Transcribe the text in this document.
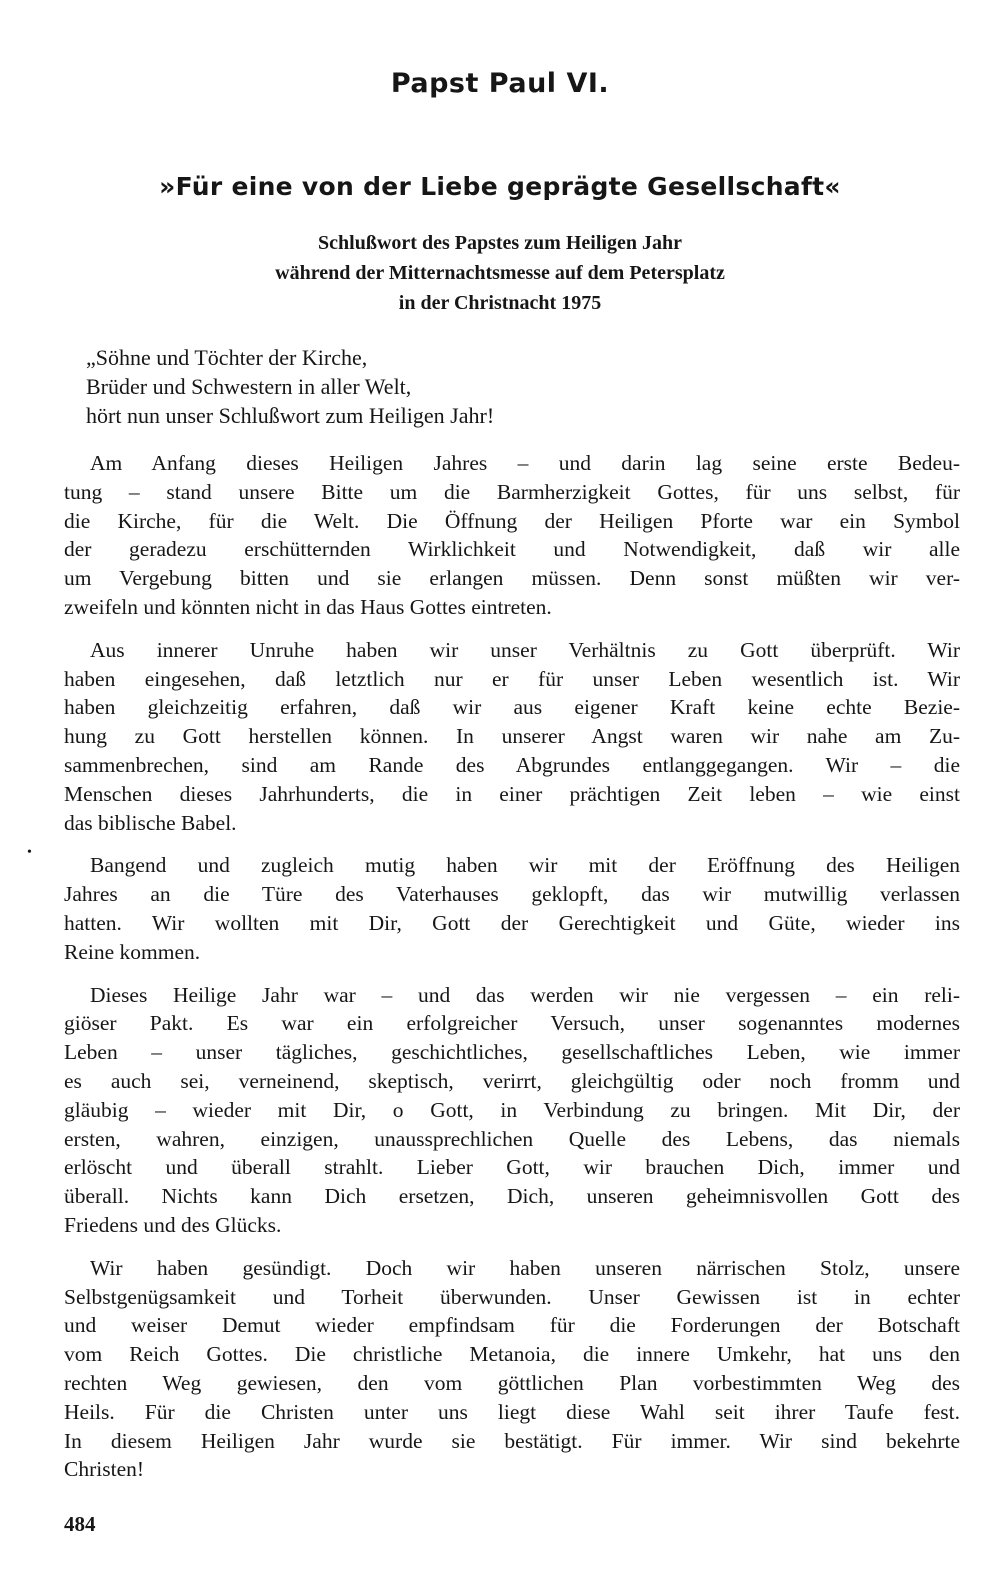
Papst Paul VI.
»Für eine von der Liebe geprägte Gesellschaft«
Schlußwort des Papstes zum Heiligen Jahr
während der Mitternachtsmesse auf dem Petersplatz
in der Christnacht 1975
„Söhne und Töchter der Kirche,
Brüder und Schwestern in aller Welt,
hört nun unser Schlußwort zum Heiligen Jahr!
•
Am Anfang dieses Heiligen Jahres – und darin lag seine erste Bedeu-
tung – stand unsere Bitte um die Barmherzigkeit Gottes, für uns selbst, für
die Kirche, für die Welt. Die Öffnung der Heiligen Pforte war ein Symbol
der geradezu erschütternden Wirklichkeit und Notwendigkeit, daß wir alle
um Vergebung bitten und sie erlangen müssen. Denn sonst müßten wir ver-
zweifeln und könnten nicht in das Haus Gottes eintreten.
Aus innerer Unruhe haben wir unser Verhältnis zu Gott überprüft. Wir
haben eingesehen, daß letztlich nur er für unser Leben wesentlich ist. Wir
haben gleichzeitig erfahren, daß wir aus eigener Kraft keine echte Bezie-
hung zu Gott herstellen können. In unserer Angst waren wir nahe am Zu-
sammenbrechen, sind am Rande des Abgrundes entlanggegangen. Wir – die
Menschen dieses Jahrhunderts, die in einer prächtigen Zeit leben – wie einst
das biblische Babel.
Bangend und zugleich mutig haben wir mit der Eröffnung des Heiligen
Jahres an die Türe des Vaterhauses geklopft, das wir mutwillig verlassen
hatten. Wir wollten mit Dir, Gott der Gerechtigkeit und Güte, wieder ins
Reine kommen.
Dieses Heilige Jahr war – und das werden wir nie vergessen – ein reli-
giöser Pakt. Es war ein erfolgreicher Versuch, unser sogenanntes modernes
Leben – unser tägliches, geschichtliches, gesellschaftliches Leben, wie immer
es auch sei, verneinend, skeptisch, verirrt, gleichgültig oder noch fromm und
gläubig – wieder mit Dir, o Gott, in Verbindung zu bringen. Mit Dir, der
ersten, wahren, einzigen, unaussprechlichen Quelle des Lebens, das niemals
erlöscht und überall strahlt. Lieber Gott, wir brauchen Dich, immer und
überall. Nichts kann Dich ersetzen, Dich, unseren geheimnisvollen Gott des
Friedens und des Glücks.
Wir haben gesündigt. Doch wir haben unseren närrischen Stolz, unsere
Selbstgenügsamkeit und Torheit überwunden. Unser Gewissen ist in echter
und weiser Demut wieder empfindsam für die Forderungen der Botschaft
vom Reich Gottes. Die christliche Metanoia, die innere Umkehr, hat uns den
rechten Weg gewiesen, den vom göttlichen Plan vorbestimmten Weg des
Heils. Für die Christen unter uns liegt diese Wahl seit ihrer Taufe fest.
In diesem Heiligen Jahr wurde sie bestätigt. Für immer. Wir sind bekehrte
Christen!
484
